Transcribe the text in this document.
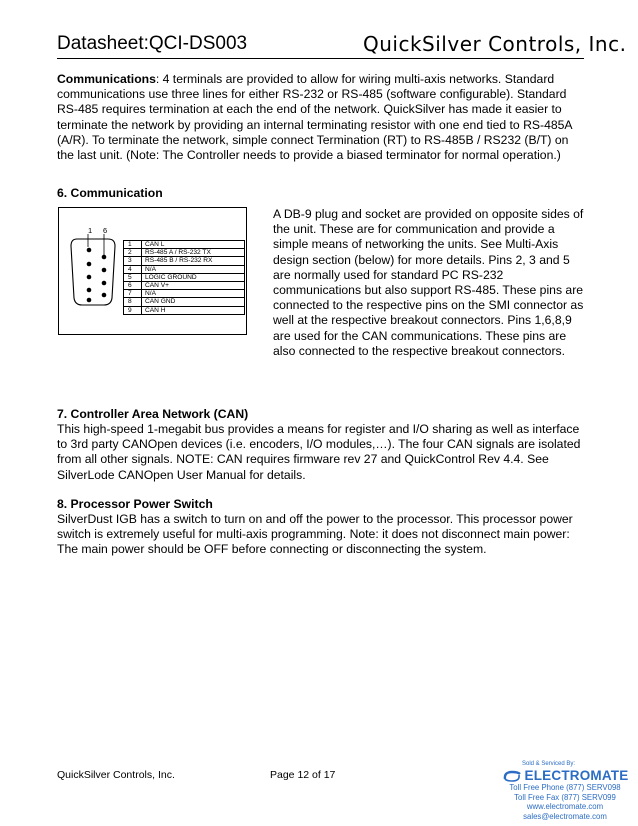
Datasheet:QCI-DS003	QuickSilver Controls, Inc.
Communications: 4 terminals are provided to allow for wiring multi-axis networks. Standard communications use three lines for either RS-232 or RS-485 (software configurable). Standard RS-485 requires termination at each the end of the network. QuickSilver has made it easier to terminate the network by providing an internal terminating resistor with one end tied to RS-485A (A/R). To terminate the network, simple connect Termination (RT) to RS-485B / RS232 (B/T) on the last unit. (Note: The Controller needs to provide a biased terminator for normal operation.)
6. Communication
1 6
1	CAN L
2	RS-485 A / RS-232 TX
3	RS-485 B / RS-232 RX
4	N/A
5	LOGIC GROUND
6	CAN V+
7	N/A
8	CAN GND
9	CAN H
A DB-9 plug and socket are provided on opposite sides of the unit. These are for communication and provide a simple means of networking the units. See Multi-Axis design section (below) for more details. Pins 2, 3 and 5 are normally used for standard PC RS-232 communications but also support RS-485. These pins are connected to the respective pins on the SMI connector as well at the respective breakout connectors. Pins 1,6,8,9 are used for the CAN communications. These pins are also connected to the respective breakout connectors.
7. Controller Area Network (CAN)
This high-speed 1-megabit bus provides a means for register and I/O sharing as well as interface to 3rd party CANOpen devices (i.e. encoders, I/O modules,…). The four CAN signals are isolated from all other signals. NOTE: CAN requires firmware rev 27 and QuickControl Rev 4.4. See SilverLode CANOpen User Manual for details.
8. Processor Power Switch
SilverDust IGB has a switch to turn on and off the power to the processor. This processor power switch is extremely useful for multi-axis programming. Note: it does not disconnect main power: The main power should be OFF before connecting or disconnecting the system.
QuickSilver Controls, Inc.	Page 12 of 17
Sold & Serviced By:
ELECTROMATE
Toll Free Phone (877) SERV098
Toll Free Fax (877) SERV099
www.electromate.com
sales@electromate.com
